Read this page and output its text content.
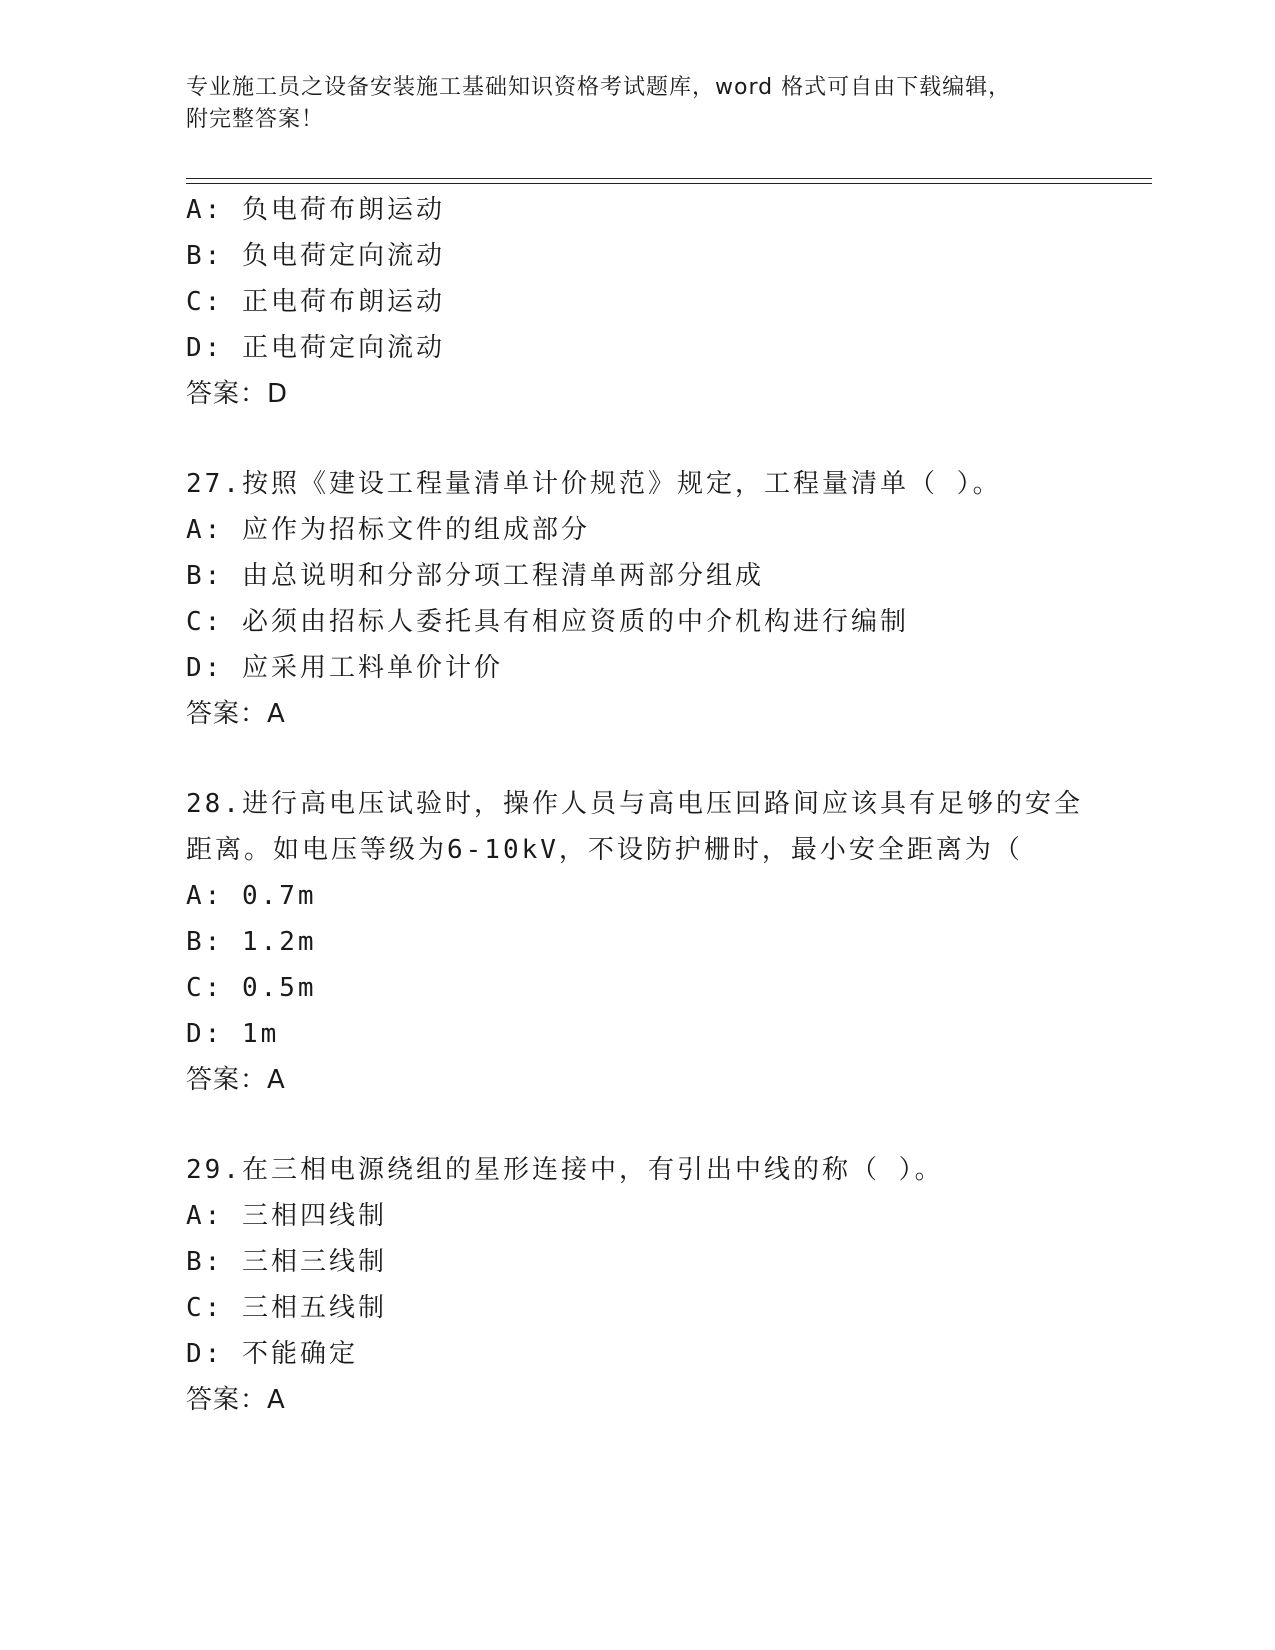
专业施工员之设备安装施工基础知识资格考试题库，word 格式可自由下载编辑，
附完整答案！
A: 负电荷布朗运动
B: 负电荷定向流动
C: 正电荷布朗运动
D: 正电荷定向流动
答案：D
27.按照《建设工程量清单计价规范》规定，工程量清单（ ）。
A: 应作为招标文件的组成部分
B: 由总说明和分部分项工程清单两部分组成
C: 必须由招标人委托具有相应资质的中介机构进行编制
D: 应采用工料单价计价
答案：A
28.进行高电压试验时，操作人员与高电压回路间应该具有足够的安全
距离。如电压等级为6-10kV，不设防护栅时，最小安全距离为（
A: 0.7m
B: 1.2m
C: 0.5m
D: 1m
答案：A
29.在三相电源绕组的星形连接中，有引出中线的称（ ）。
A: 三相四线制
B: 三相三线制
C: 三相五线制
D: 不能确定
答案：A
